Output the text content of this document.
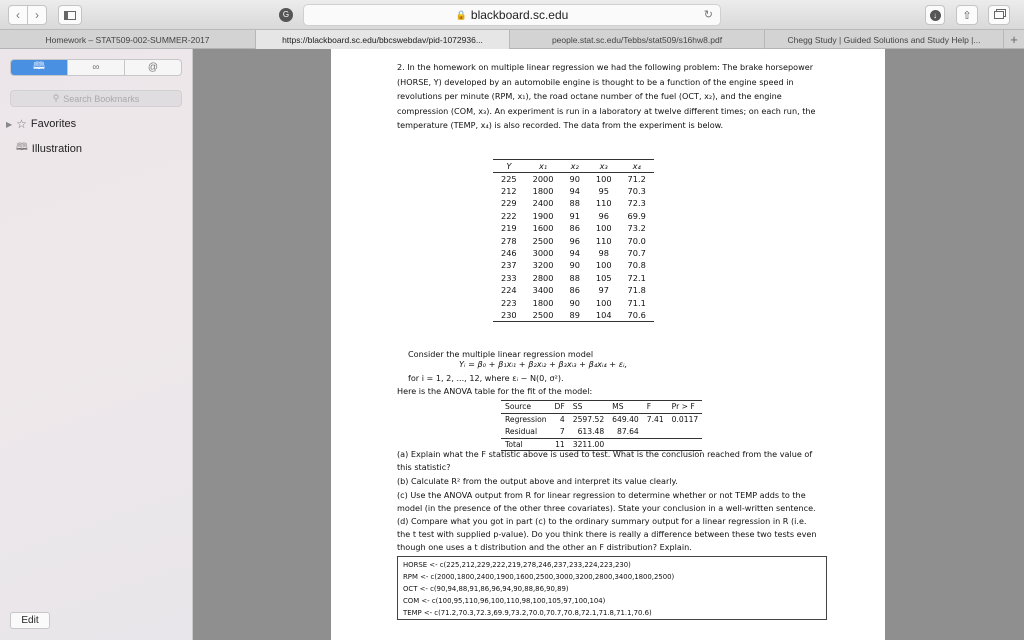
‹	›	G	🔒 blackboard.sc.edu	↻	↓	⇧
Homework – STAT509-002-SUMMER-2017	https://blackboard.sc.edu/bbcswebdav/pid-1072936...	people.stat.sc.edu/Tebbs/stat509/s16hw8.pdf	Chegg Study | Guided Solutions and Study Help |...	+
🕮	∞	@
⚲ Search Bookmarks
▶ ☆ Favorites
🕮 Illustration
Edit
2. In the homework on multiple linear regression we had the following problem: The brake horsepower (HORSE, Y) developed by an automobile engine is thought to be a function of the engine speed in revolutions per minute (RPM, x₁), the road octane number of the fuel (OCT, x₂), and the engine compression (COM, x₃). An experiment is run in a laboratory at twelve different times; on each run, the temperature (TEMP, x₄) is also recorded. The data from the experiment is below.
Y	x₁	x₂	x₃	x₄
225	2000	90	100	71.2
212	1800	94	95	70.3
229	2400	88	110	72.3
222	1900	91	96	69.9
219	1600	86	100	73.2
278	2500	96	110	70.0
246	3000	94	98	70.7
237	3200	90	100	70.8
233	2800	88	105	72.1
224	3400	86	97	71.8
223	1800	90	100	71.1
230	2500	89	104	70.6
Consider the multiple linear regression model
Yᵢ = β₀ + β₁xᵢ₁ + β₂xᵢ₂ + β₃xᵢ₃ + β₄xᵢ₄ + εᵢ,
for i = 1, 2, ..., 12, where εᵢ ~ N(0, σ²).
Here is the ANOVA table for the fit of the model:
Source	DF	SS	MS	F	Pr > F
Regression	4	2597.52	649.40	7.41	0.0117
Residual	7	613.48	87.64		
Total	11	3211.00			
(a) Explain what the F statistic above is used to test. What is the conclusion reached from the value of this statistic?
(b) Calculate R² from the output above and interpret its value clearly.
(c) Use the ANOVA output from R for linear regression to determine whether or not TEMP adds to the model (in the presence of the other three covariates). State your conclusion in a well-written sentence.
(d) Compare what you got in part (c) to the ordinary summary output for a linear regression in R (i.e. the t test with supplied p-value). Do you think there is really a difference between these two tests even though one uses a t distribution and the other an F distribution? Explain.
HORSE <- c(225,212,229,222,219,278,246,237,233,224,223,230)
RPM <- c(2000,1800,2400,1900,1600,2500,3000,3200,2800,3400,1800,2500)
OCT <- c(90,94,88,91,86,96,94,90,88,86,90,89)
COM <- c(100,95,110,96,100,110,98,100,105,97,100,104)
TEMP <- c(71.2,70.3,72.3,69.9,73.2,70.0,70.7,70.8,72.1,71.8,71.1,70.6)
